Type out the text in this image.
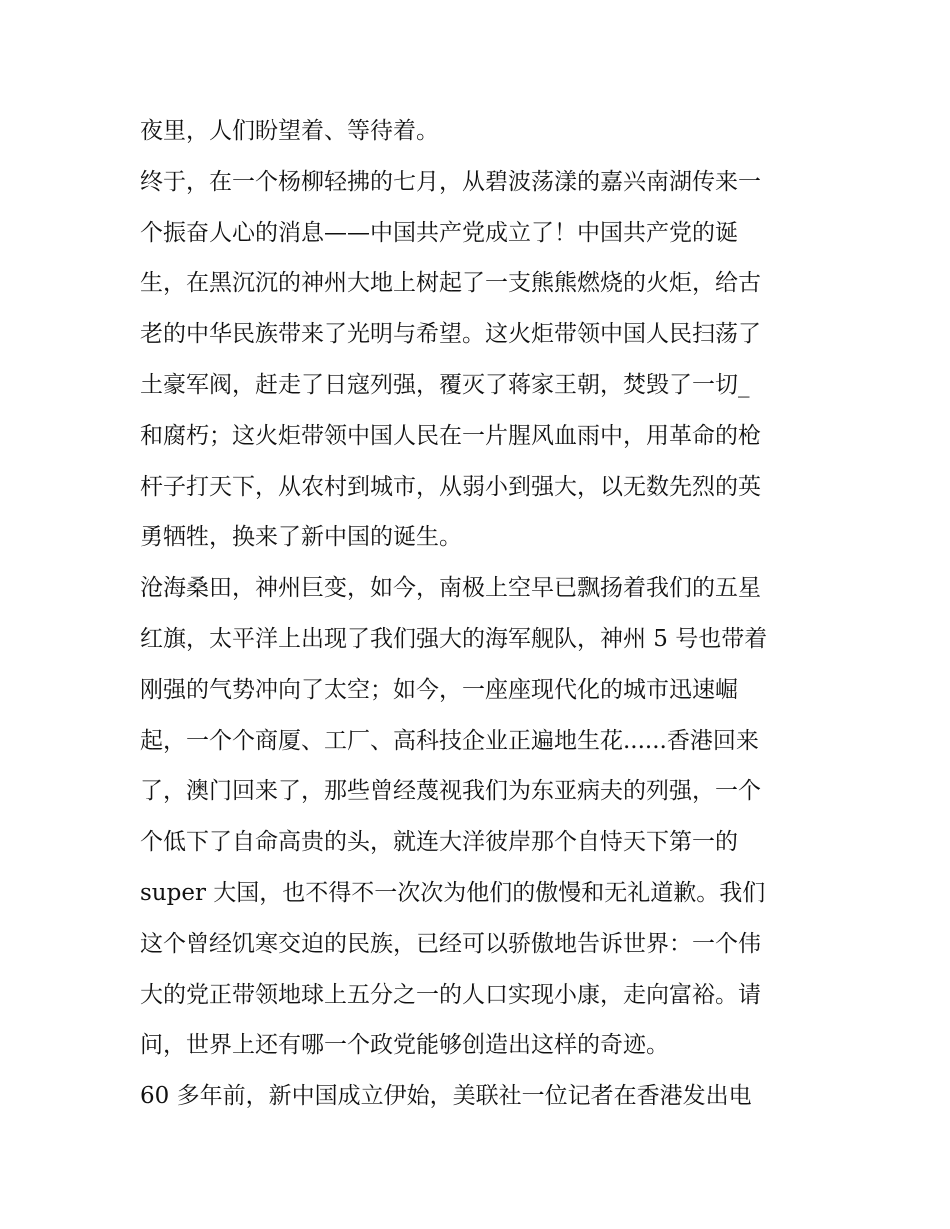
夜里，人们盼望着、等待着。
终于，在一个杨柳轻拂的七月，从碧波荡漾的嘉兴南湖传来一
个振奋人心的消息——中国共产党成立了！中国共产党的诞
生，在黑沉沉的神州大地上树起了一支熊熊燃烧的火炬，给古
老的中华民族带来了光明与希望。这火炬带领中国人民扫荡了
土豪军阀，赶走了日寇列强，覆灭了蒋家王朝，焚毁了一切_
和腐朽；这火炬带领中国人民在一片腥风血雨中，用革命的枪
杆子打天下，从农村到城市，从弱小到强大，以无数先烈的英
勇牺牲，换来了新中国的诞生。
沧海桑田，神州巨变，如今，南极上空早已飘扬着我们的五星
红旗，太平洋上出现了我们强大的海军舰队，神州 5 号也带着
刚强的气势冲向了太空；如今，一座座现代化的城市迅速崛
起，一个个商厦、工厂、高科技企业正遍地生花......香港回来
了，澳门回来了，那些曾经蔑视我们为东亚病夫的列强，一个
个低下了自命高贵的头，就连大洋彼岸那个自恃天下第一的
super 大国，也不得不一次次为他们的傲慢和无礼道歉。我们
这个曾经饥寒交迫的民族，已经可以骄傲地告诉世界：一个伟
大的党正带领地球上五分之一的人口实现小康，走向富裕。请
问，世界上还有哪一个政党能够创造出这样的奇迹。
60 多年前，新中国成立伊始，美联社一位记者在香港发出电
